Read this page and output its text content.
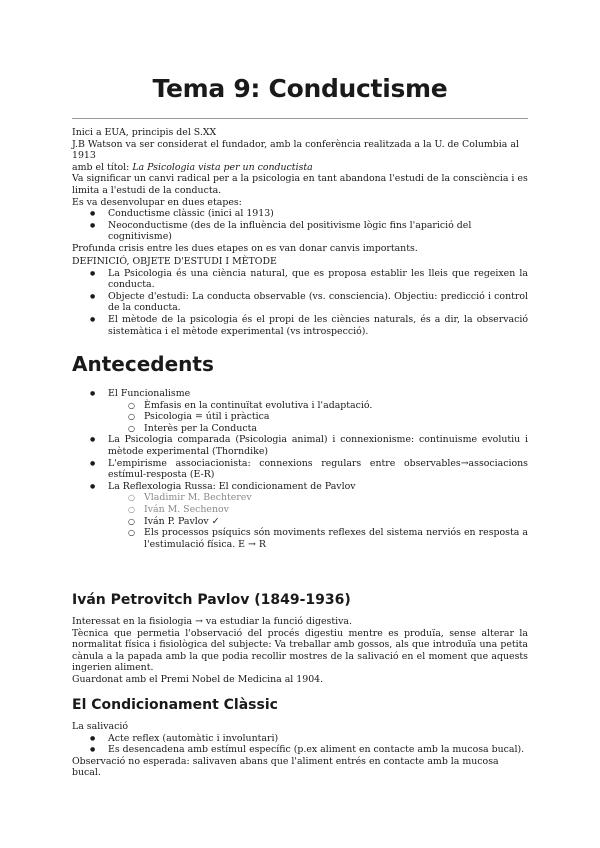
Tema 9: Conductisme

Inici a EUA, principis del S.XX

J.B Watson va ser considerat el fundador, amb la conferència realitzada a la U. de Columbia al 1913

amb el títol: La Psicologia vista per un conductista

Va significar un canvi radical per a la psicologia en tant abandona l'estudi de la consciència i es limita a l'estudi de la conducta.

Es va desenvolupar en dues etapes:

● Conductisme clàssic (inici al 1913)
● Neoconductisme (des de la influència del positivisme lògic fins l'aparició del cognitivisme)

Profunda crisis entre les dues etapes on es van donar canvis importants.

DEFINICIÓ, OBJETE D'ESTUDI I MÈTODE

● La Psicologia és una ciència natural, que es proposa establir les lleis que regeixen la conducta.
● Objecte d'estudi: La conducta observable (vs. consciencia). Objectiu: predicció i control de la conducta.
● El mètode de la psicologia és el propi de les ciències naturals, és a dir, la observació sistemàtica i el mètode experimental (vs introspecció).
Antecedents
● El Funcionalisme
○ Èmfasis en la continuïtat evolutiva i l'adaptació.
○ Psicologia = útil i pràctica
○ Interès per la Conducta
● La Psicologia comparada (Psicologia animal) i connexionisme: continuisme evolutiu i mètode experimental (Thorndike)
● L'empirisme associacionista: connexions regulars entre observables→associacions estímul-resposta (E-R)
● La Reflexologia Russa: El condicionament de Pavlov
○ Vladimir M. Bechterev
○ Iván M. Sechenov
○ Iván P. Pavlov ✓
○ Els processos psíquics són moviments reflexes del sistema nerviós en resposta a l'estimulació física. E → R
Iván Petrovitch Pavlov (1849-1936)

Interessat en la fisiologia → va estudiar la funció digestiva.

Tècnica que permetia l'observació del procés digestiu mentre es produïa, sense alterar la normalitat física i fisiològica del subjecte: Va treballar amb gossos, als que introduïa una petita cànula a la papada amb la que podia recollir mostres de la salivació en el moment que aquests ingerien aliment.

Guardonat amb el Premi Nobel de Medicina al 1904.

El Condicionament Clàssic

La salivació

● Acte reflex (automàtic i involuntari)
● Es desencadena amb estímul específic (p.ex aliment en contacte amb la mucosa bucal).

Observació no esperada: salivaven abans que l'aliment entrés en contacte amb la mucosa bucal.
